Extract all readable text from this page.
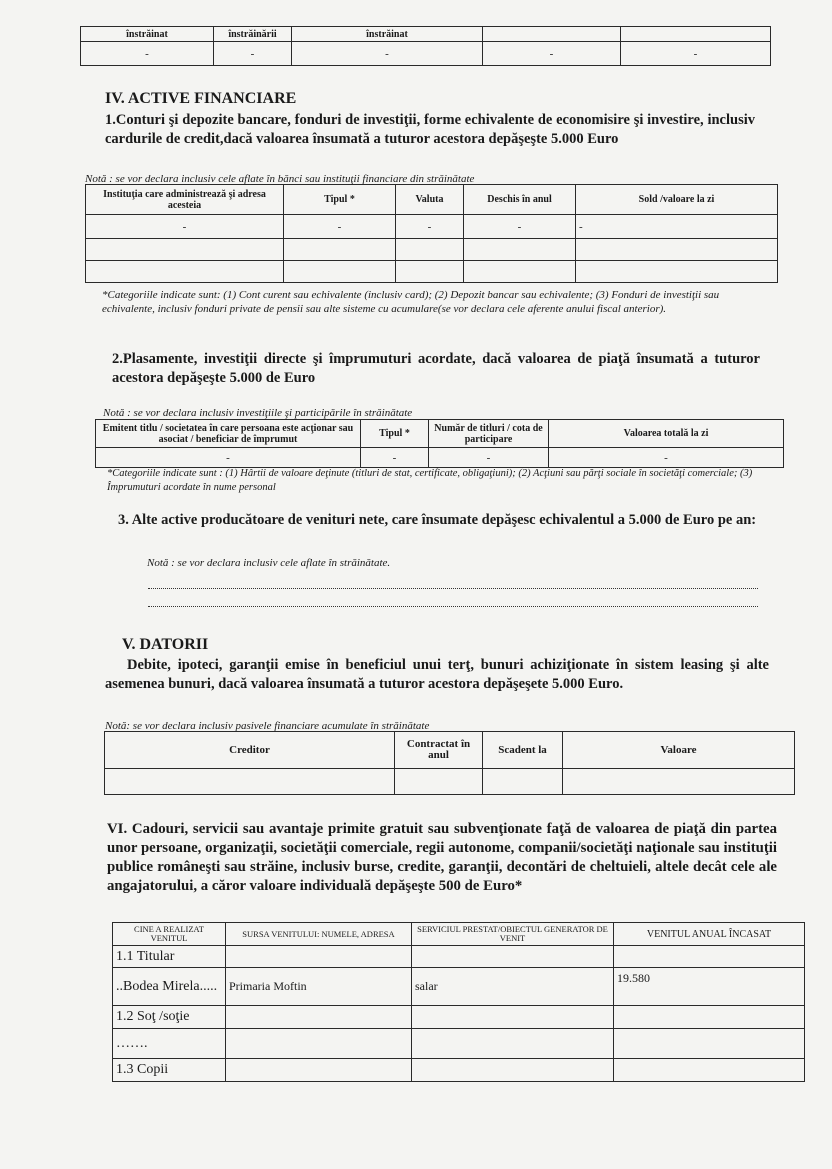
înstrăinat	înstrăinării	înstrăinat		
-	-	-	-	-
IV. ACTIVE FINANCIARE
1.Conturi şi depozite bancare, fonduri de investiţii, forme echivalente de economisire şi investire, inclusiv cardurile de credit,dacă valoarea însumată a tuturor acestora depăşeşte 5.000 Euro
Notă : se vor declara inclusiv cele aflate în bănci sau instituţii financiare din străinătate
Instituţia care administrează şi adresa acesteia	Tipul *	Valuta	Deschis în anul	Sold /valoare la zi
-	-	-	-	-

*Categoriile indicate sunt: (1) Cont curent sau echivalente (inclusiv card); (2) Depozit bancar sau echivalente; (3) Fonduri de investiţii sau echivalente, inclusiv fonduri private de pensii sau alte sisteme cu acumulare(se vor declara cele aferente anului fiscal anterior).
2.Plasamente, investiţii directe şi împrumuturi acordate, dacă valoarea de piaţă însumată a tuturor acestora depăşeşte 5.000 de Euro
Notă : se vor declara inclusiv investiţiile şi participările în străinătate
Emitent titlu / societatea în care persoana este acţionar sau asociat / beneficiar de împrumut	Tipul *	Număr de titluri / cota de participare	Valoarea totală la zi
-	-	-	-
*Categoriile indicate sunt : (1) Hârtii de valoare deţinute (titluri de stat, certificate, obligaţiuni); (2) Acţiuni sau părţi sociale în societăţi comerciale; (3) Împrumuturi acordate în nume personal
3. Alte active producătoare de venituri nete, care însumate depăşesc echivalentul a 5.000 de Euro pe an:
Notă : se vor declara inclusiv cele aflate în străinătate.
V. DATORII
Debite, ipoteci, garanţii emise în beneficiul unui terţ, bunuri achiziţionate în sistem leasing şi alte asemenea bunuri, dacă valoarea însumată a tuturor acestora depăşeşete 5.000 Euro.
Notă: se vor declara inclusiv pasivele financiare acumulate în străinătate
Creditor	Contractat în anul	Scadent la	Valoare

VI. Cadouri, servicii sau avantaje primite gratuit sau subvenţionate faţă de valoarea de piaţă din partea unor persoane, organizaţii, societăţii comerciale, regii autonome, companii/societăţi naţionale sau instituţii publice româneşti sau străine, inclusiv burse, credite, garanţii, decontări de cheltuieli, altele decât cele ale angajatorului, a căror valoare individuală depăşeşte 500 de Euro*
CINE A REALIZAT VENITUL	SURSA VENITULUI: NUMELE, ADRESA	SERVICIUL PRESTAT/OBIECTUL GENERATOR DE VENIT	VENITUL ANUAL ÎNCASAT
1.1 Titular			
..Bodea Mirela.....	Primaria Moftin	salar	19.580
1.2 Soţ /soţie			
…….			
1.3 Copii			
